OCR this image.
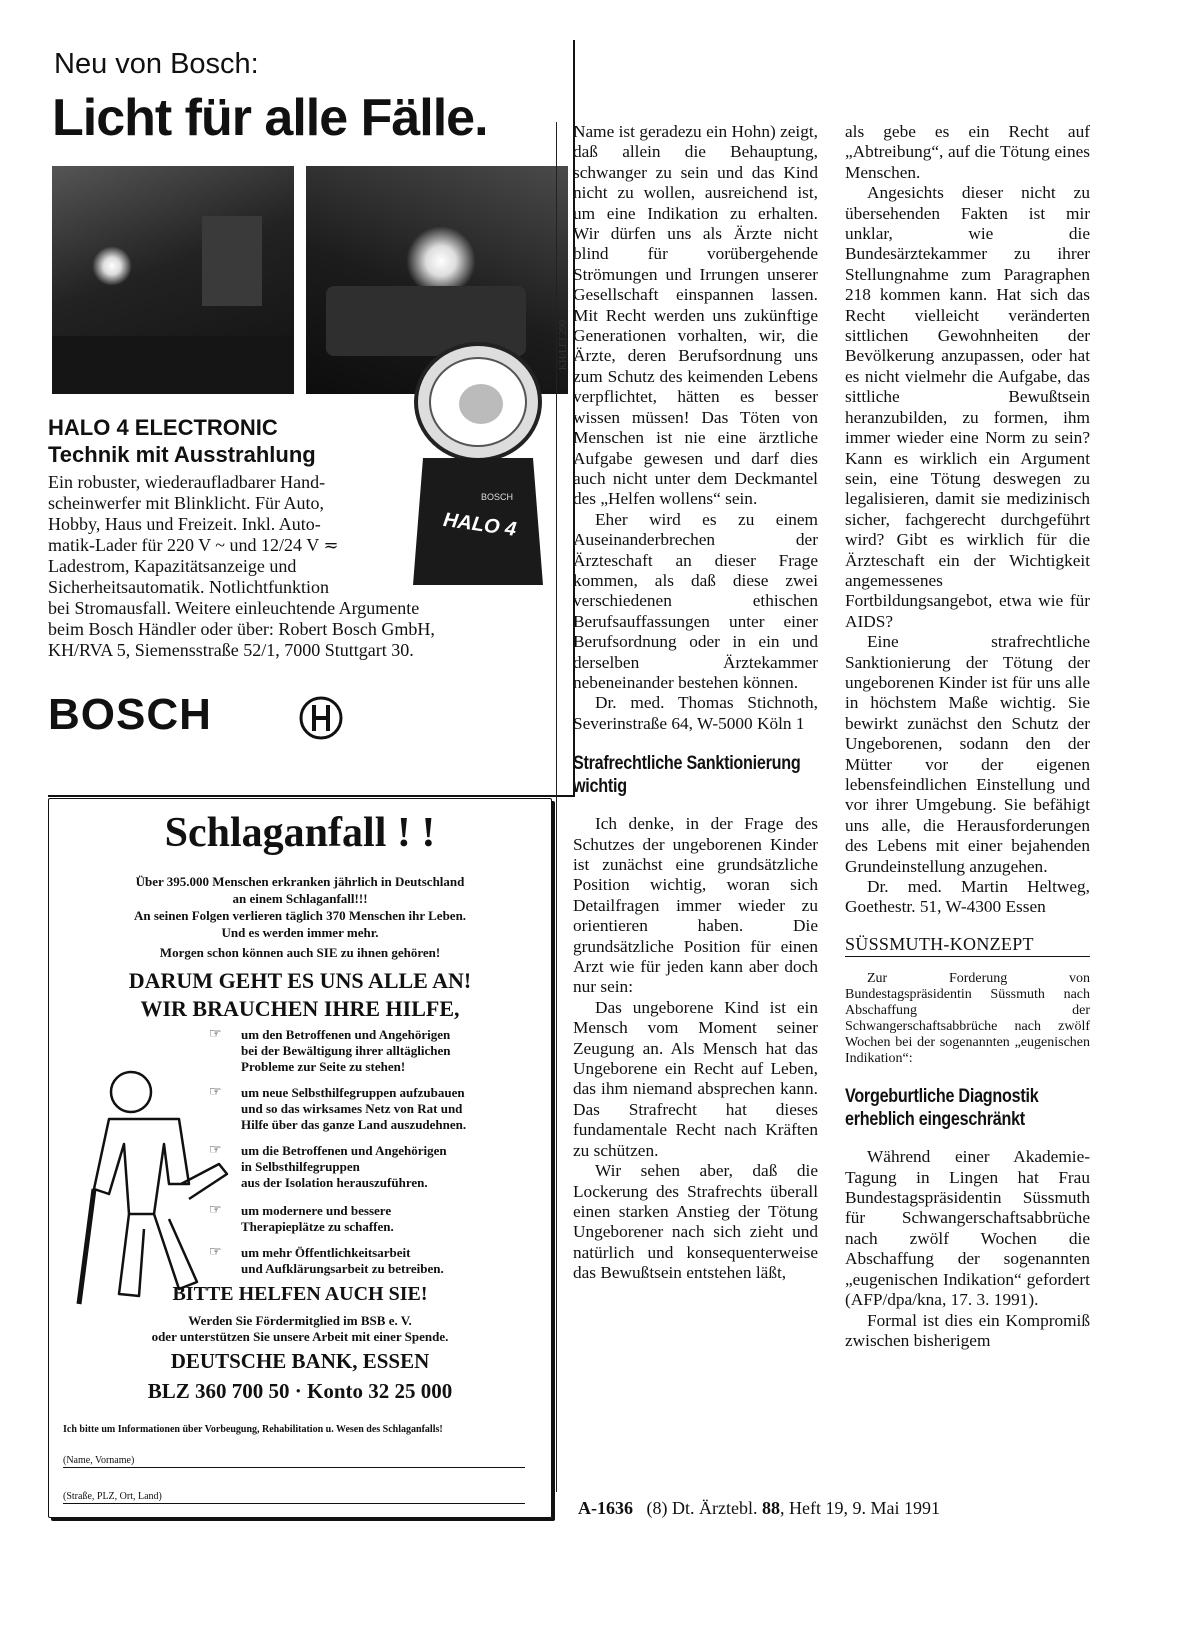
Neu von Bosch:
Licht für alle Fälle.
KH/LEI 290
BOSCH
HALO 4
HALO 4 ELECTRONIC
Technik mit Ausstrahlung
Ein robuster, wiederaufladbarer Hand-
scheinwerfer mit Blinklicht. Für Auto,
Hobby, Haus und Freizeit. Inkl. Auto-
matik-Lader für 220 V ~ und 12/24 V ≂
Ladestrom, Kapazitätsanzeige und
Sicherheitsautomatik. Notlichtfunktion
bei Stromausfall. Weitere einleuchtende Argumente
beim Bosch Händler oder über: Robert Bosch GmbH,
KH/RVA 5, Siemensstraße 52/1, 7000 Stuttgart 30.
BOSCH
Schlaganfall ! !
Über 395.000 Menschen erkranken jährlich in Deutschland
an einem Schlaganfall!!!
An seinen Folgen verlieren täglich 370 Menschen ihr Leben.
Und es werden immer mehr.
Morgen schon können auch SIE zu ihnen gehören!
DARUM GEHT ES UNS ALLE AN!
WIR BRAUCHEN IHRE HILFE,
☞ um den Betroffenen und Angehörigen
bei der Bewältigung ihrer alltäglichen
Probleme zur Seite zu stehen!
☞ um neue Selbsthilfegruppen aufzubauen
und so das wirksames Netz von Rat und
Hilfe über das ganze Land auszudehnen.
☞ um die Betroffenen und Angehörigen
in Selbsthilfegruppen
aus der Isolation herauszuführen.
☞ um modernere und bessere
Therapieplätze zu schaffen.
☞ um mehr Öffentlichkeitsarbeit
und Aufklärungsarbeit zu betreiben.
BITTE HELFEN AUCH SIE!
Werden Sie Fördermitglied im BSB e. V.
oder unterstützen Sie unsere Arbeit mit einer Spende.
DEUTSCHE BANK, ESSEN
BLZ 360 700 50 · Konto 32 25 000
Ich bitte um Informationen über Vorbeugung, Rehabilitation u. Wesen des Schlaganfalls!
(Name, Vorname)
(Straße, PLZ, Ort, Land)

Name ist geradezu ein Hohn) zeigt, daß allein die Behauptung, schwanger zu sein und das Kind nicht zu wollen, ausreichend ist, um eine Indikation zu erhalten. Wir dürfen uns als Ärzte nicht blind für vorübergehende Strömungen und Irrungen unserer Gesellschaft einspannen lassen. Mit Recht werden uns zukünftige Generationen vorhalten, wir, die Ärzte, deren Berufsordnung uns zum Schutz des keimenden Lebens verpflichtet, hätten es besser wissen müssen! Das Töten von Menschen ist nie eine ärztliche Aufgabe gewesen und darf dies auch nicht unter dem Deckmantel des „Helfen wollens“ sein.

Eher wird es zu einem Auseinanderbrechen der Ärzteschaft an dieser Frage kommen, als daß diese zwei verschiedenen ethischen Berufsauffassungen unter einer Berufsordnung oder in ein und derselben Ärztekammer nebeneinander bestehen können.

Dr. med. Thomas Stichnoth, Severinstraße 64, W-5000 Köln 1

Strafrechtliche Sanktionierung wichtig

Ich denke, in der Frage des Schutzes der ungeborenen Kinder ist zunächst eine grundsätzliche Position wichtig, woran sich Detailfragen immer wieder zu orientieren haben. Die grundsätzliche Position für einen Arzt wie für jeden kann aber doch nur sein:

Das ungeborene Kind ist ein Mensch vom Moment seiner Zeugung an. Als Mensch hat das Ungeborene ein Recht auf Leben, das ihm niemand absprechen kann. Das Strafrecht hat dieses fundamentale Recht nach Kräften zu schützen.

Wir sehen aber, daß die Lockerung des Strafrechts überall einen starken Anstieg der Tötung Ungeborener nach sich zieht und natürlich und konsequenterweise das Bewußtsein entstehen läßt,

als gebe es ein Recht auf „Abtreibung“, auf die Tötung eines Menschen.

Angesichts dieser nicht zu übersehenden Fakten ist mir unklar, wie die Bundesärztekammer zu ihrer Stellungnahme zum Paragraphen 218 kommen kann. Hat sich das Recht vielleicht veränderten sittlichen Gewohnheiten der Bevölkerung anzupassen, oder hat es nicht vielmehr die Aufgabe, das sittliche Bewußtsein heranzubilden, zu formen, ihm immer wieder eine Norm zu sein? Kann es wirklich ein Argument sein, eine Tötung deswegen zu legalisieren, damit sie medizinisch sicher, fachgerecht durchgeführt wird? Gibt es wirklich für die Ärzteschaft ein der Wichtigkeit angemessenes Fortbildungsangebot, etwa wie für AIDS?

Eine strafrechtliche Sanktionierung der Tötung der ungeborenen Kinder ist für uns alle in höchstem Maße wichtig. Sie bewirkt zunächst den Schutz der Ungeborenen, sodann den der Mütter vor der eigenen lebensfeindlichen Einstellung und vor ihrer Umgebung. Sie befähigt uns alle, die Herausforderungen des Lebens mit einer bejahenden Grundeinstellung anzugehen.

Dr. med. Martin Heltweg, Goethestr. 51, W-4300 Essen

SÜSSMUTH-KONZEPT

Zur Forderung von Bundestagspräsidentin Süssmuth nach Abschaffung der Schwangerschaftsabbrüche nach zwölf Wochen bei der sogenannten „eugenischen Indikation“:

Vorgeburtliche Diagnostik erheblich eingeschränkt

Während einer Akademie-Tagung in Lingen hat Frau Bundestagspräsidentin Süssmuth für Schwangerschaftsabbrüche nach zwölf Wochen die Abschaffung der sogenannten „eugenischen Indikation“ gefordert (AFP/dpa/kna, 17. 3. 1991).

Formal ist dies ein Kompromiß zwischen bisherigem

A-1636 (8) Dt. Ärztebl. 88, Heft 19, 9. Mai 1991
